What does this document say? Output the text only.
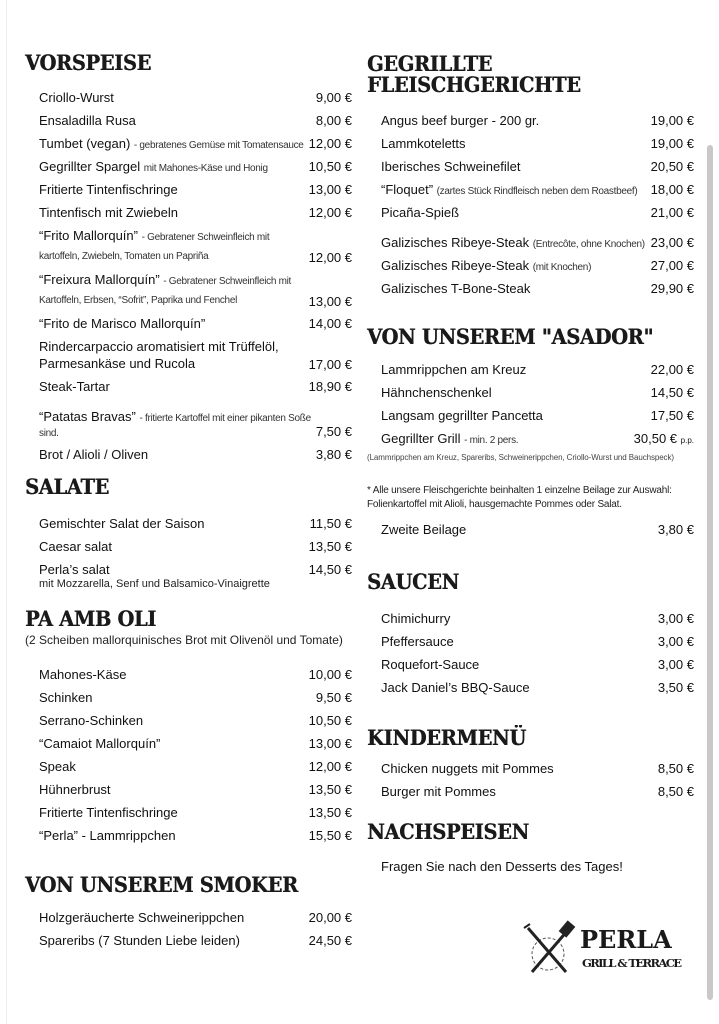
PERLA
GRILL & TERRACE
VORSPEISE
Criollo-Wurst	9,00 €
Ensaladilla Rusa	8,00 €
Tumbet (vegan) - gebratenes Gemüse mit Tomatensauce 12,00 €
Gegrillter Spargel mit Mahones-Käse und Honig	10,50 €
Fritierte Tintenfischringe	13,00 €
Tintenfisch mit Zwiebeln	12,00 €
“Frito Mallorquín” - Gebratener Schweinfleich mit kartoffeln, Zwiebeln, Tomaten un Papriña	12,00 €
“Freixura Mallorquín” - Gebratener Schweinfleich mit Kartoffeln, Erbsen, “Sofrit”, Paprika und Fenchel	13,00 €
“Frito de Marisco Mallorquín”	14,00 €
Rindercarpaccio aromatisiert mit Trüffelöl, Parmesankäse und Rucola	17,00 €
Steak-Tartar	18,90 €
“Patatas Bravas” - fritierte Kartoffel mit einer pikanten Soße sind.	7,50 €
Brot / Alioli / Oliven	3,80 €
SALATE
Gemischter Salat der Saison	11,50 €
Caesar salat	13,50 €
Perla’s salat	14,50 €
mit Mozzarella, Senf und Balsamico-Vinaigrette
PA AMB OLI
(2 Scheiben mallorquinisches Brot mit Olivenöl und Tomate)
Mahones-Käse	10,00 €
Schinken	9,50 €
Serrano-Schinken	10,50 €
“Camaiot Mallorquín”	13,00 €
Speak	12,00 €
Hühnerbrust	13,50 €
Fritierte Tintenfischringe	13,50 €
“Perla” - Lammrippchen	15,50 €
VON UNSEREM SMOKER
Holzgeräucherte Schweinerippchen	20,00 €
Spareribs (7 Stunden Liebe leiden)	24,50 €
GEGRILLTE FLEISCHGERICHTE
Angus beef burger - 200 gr.	19,00 €
Lammkoteletts	19,00 €
Iberisches Schweinefilet	20,50 €
“Floquet” (zartes Stück Rindfleisch neben dem Roastbeef)	18,00 €
Picaña-Spieß	21,00 €
Galizisches Ribeye-Steak (Entrecôte, ohne Knochen) 23,00 €
Galizisches Ribeye-Steak (mit Knochen)	27,00 €
Galizisches T-Bone-Steak	29,90 €
VON UNSEREM "ASADOR"
Lammrippchen am Kreuz	22,00 €
Hähnchenschenkel	14,50 €
Langsam gegrillter Pancetta	17,50 €
Gegrillter Grill - min. 2 pers.	30,50 € p.p.
(Lammrippchen am Kreuz, Spareribs, Schweinerippchen, Criollo-Wurst und Bauchspeck)
* Alle unsere Fleischgerichte beinhalten 1 einzelne Beilage zur Auswahl: Folienkartoffel mit Alioli, hausgemachte Pommes oder Salat.
Zweite Beilage	3,80 €
SAUCEN
Chimichurry	3,00 €
Pfeffersauce	3,00 €
Roquefort-Sauce	3,00 €
Jack Daniel’s BBQ-Sauce	3,50 €
KINDERMENÜ
Chicken nuggets mit Pommes	8,50 €
Burger mit Pommes	8,50 €
NACHSPEISEN
Fragen Sie nach den Desserts des Tages!
